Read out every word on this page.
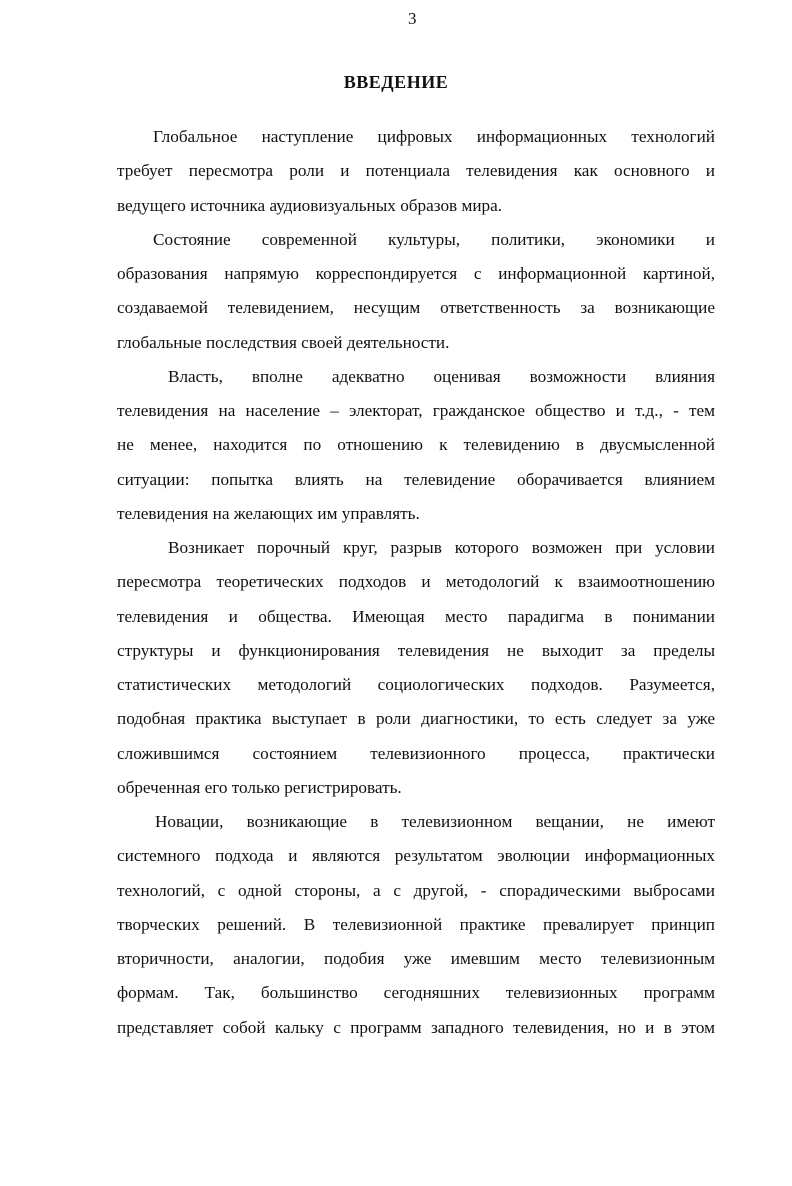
3
ВВЕДЕНИЕ
Глобальное наступление цифровых информационных технологий
требует пересмотра роли и потенциала телевидения как основного и
ведущего источника аудиовизуальных образов мира.
Состояние современной культуры, политики, экономики и
образования напрямую корреспондируется с информационной картиной,
создаваемой телевидением, несущим ответственность за возникающие
глобальные последствия своей деятельности.
Власть, вполне адекватно оценивая возможности влияния
телевидения на население – электорат, гражданское общество и т.д., - тем
не менее, находится по отношению к телевидению в двусмысленной
ситуации: попытка влиять на телевидение оборачивается влиянием
телевидения на желающих им управлять.
Возникает порочный круг, разрыв которого возможен при условии
пересмотра теоретических подходов и методологий к взаимоотношению
телевидения и общества. Имеющая место парадигма в понимании
структуры и функционирования телевидения не выходит за пределы
статистических методологий социологических подходов. Разумеется,
подобная практика выступает в роли диагностики, то есть следует за уже
сложившимся состоянием телевизионного процесса, практически
обреченная его только регистрировать.
Новации, возникающие в телевизионном вещании, не имеют
системного подхода и являются результатом эволюции информационных
технологий, с одной стороны, а с другой, - спорадическими выбросами
творческих решений. В телевизионной практике превалирует принцип
вторичности, аналогии, подобия уже имевшим место телевизионным
формам. Так, большинство сегодняшних телевизионных программ
представляет собой кальку с программ западного телевидения, но и в этом
